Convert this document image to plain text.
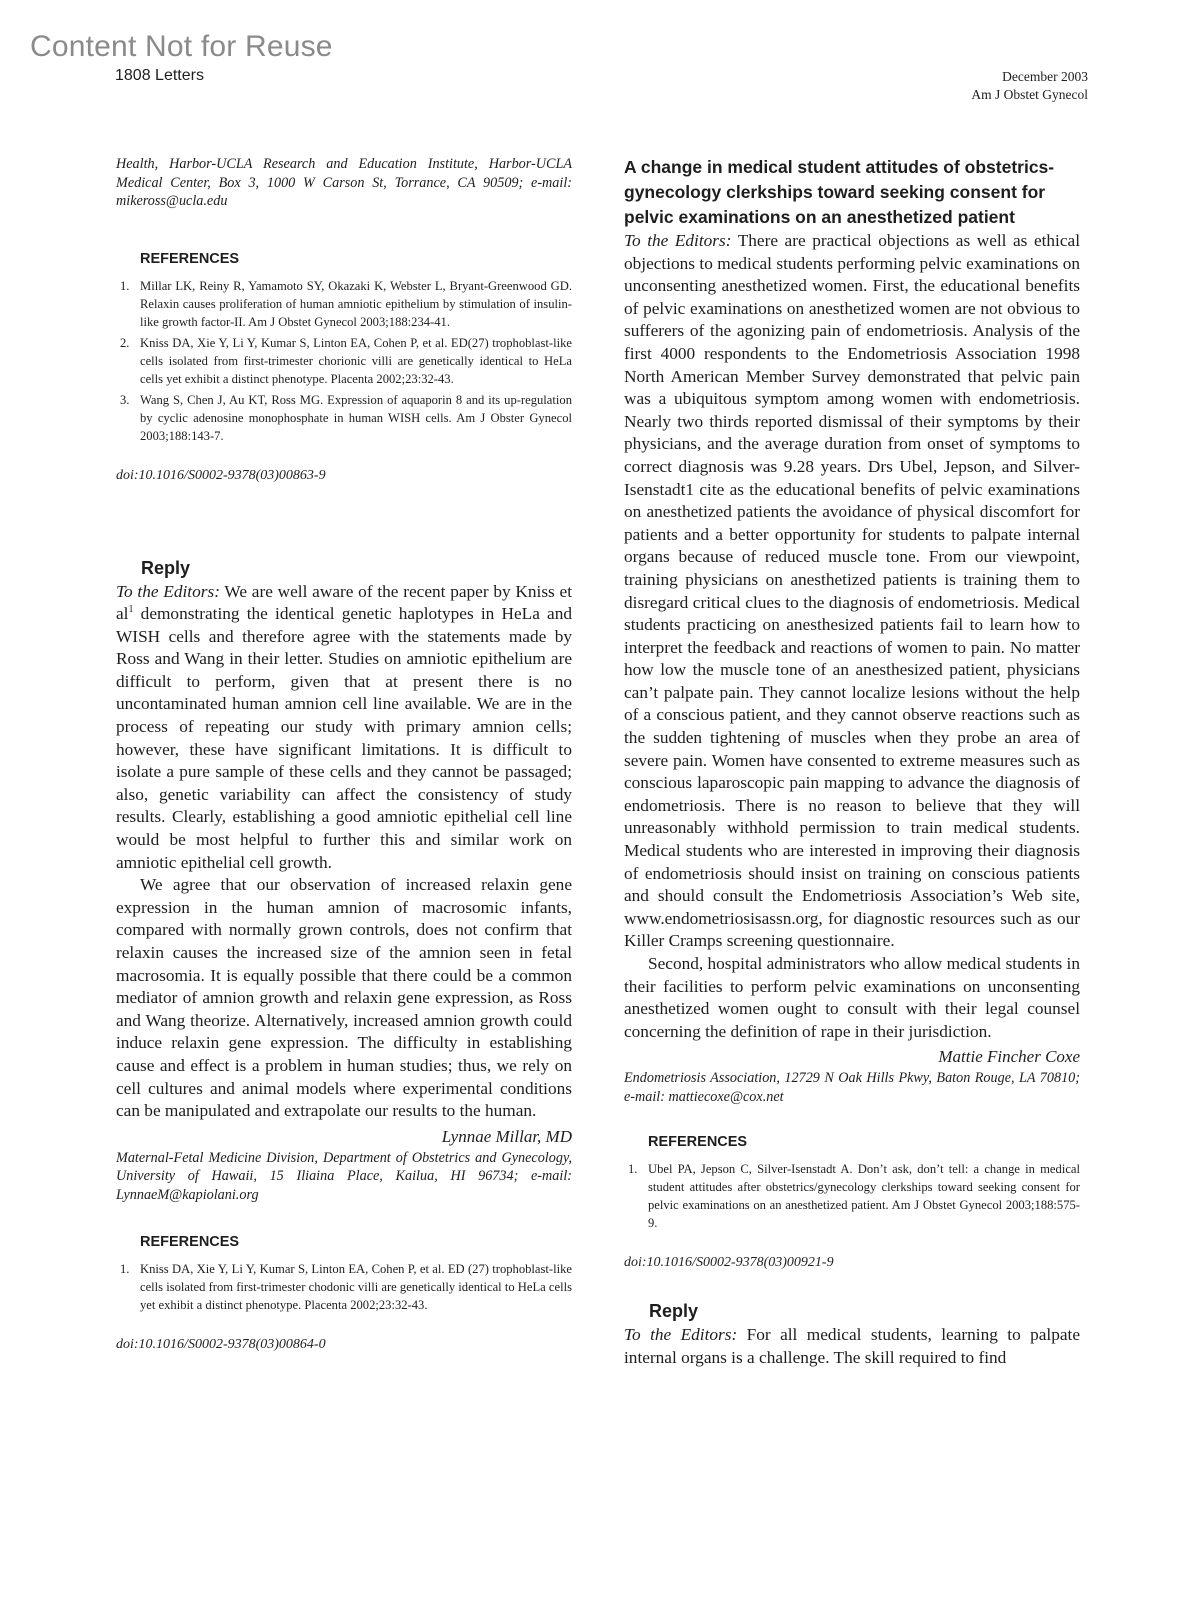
Content Not for Reuse
1808 Letters	December 2003
Am J Obstet Gynecol

Health, Harbor-UCLA Research and Education Institute, Harbor-UCLA Medical Center, Box 3, 1000 W Carson St, Torrance, CA 90509; e-mail: mikeross@ucla.edu

REFERENCES
1. Millar LK, Reiny R, Yamamoto SY, Okazaki K, Webster L, Bryant-Greenwood GD. Relaxin causes proliferation of human amniotic epithelium by stimulation of insulin-like growth factor-II. Am J Obstet Gynecol 2003;188:234-41.
2. Kniss DA, Xie Y, Li Y, Kumar S, Linton EA, Cohen P, et al. ED(27) trophoblast-like cells isolated from first-trimester chorionic villi are genetically identical to HeLa cells yet exhibit a distinct phenotype. Placenta 2002;23:32-43.
3. Wang S, Chen J, Au KT, Ross MG. Expression of aquaporin 8 and its up-regulation by cyclic adenosine monophosphate in human WISH cells. Am J Obster Gynecol 2003;188:143-7.

doi:10.1016/S0002-9378(03)00863-9

Reply

To the Editors: We are well aware of the recent paper by Kniss et $al^1$ demonstrating the identical genetic haplotypes in HeLa and WISH cells and therefore agree with the statements made by Ross and Wang in their letter. Studies on amniotic epithelium are difficult to perform, given that at present there is no uncontaminated human amnion cell line available. We are in the process of repeating our study with primary amnion cells; however, these have significant limitations. It is difficult to isolate a pure sample of these cells and they cannot be passaged; also, genetic variability can affect the consistency of study results. Clearly, establishing a good amniotic epithelial cell line would be most helpful to further this and similar work on amniotic epithelial cell growth.

We agree that our observation of increased relaxin gene expression in the human amnion of macrosomic infants, compared with normally grown controls, does not confirm that relaxin causes the increased size of the amnion seen in fetal macrosomia. It is equally possible that there could be a common mediator of amnion growth and relaxin gene expression, as Ross and Wang theorize. Alternatively, increased amnion growth could induce relaxin gene expression. The difficulty in establishing cause and effect is a problem in human studies; thus, we rely on cell cultures and animal models where experimental conditions can be manipulated and extrapolate our results to the human.

Lynnae Millar, MD

Maternal-Fetal Medicine Division, Department of Obstetrics and Gynecology, University of Hawaii, 15 Iliaina Place, Kailua, HI 96734; e-mail: LynnaeM@kapiolani.org

REFERENCES
1. Kniss DA, Xie Y, Li Y, Kumar S, Linton EA, Cohen P, et al. ED (27) trophoblast-like cells isolated from first-trimester chodonic villi are genetically identical to HeLa cells yet exhibit a distinct phenotype. Placenta 2002;23:32-43.

doi:10.1016/S0002-9378(03)00864-0

A change in medical student attitudes of obstetrics-gynecology clerkships toward seeking consent for pelvic examinations on an anesthetized patient

To the Editors: There are practical objections as well as ethical objections to medical students performing pelvic examinations on unconsenting anesthetized women. First, the educational benefits of pelvic examinations on anesthetized women are not obvious to sufferers of the agonizing pain of endometriosis. Analysis of the first 4000 respondents to the Endometriosis Association 1998 North American Member Survey demonstrated that pelvic pain was a ubiquitous symptom among women with endometriosis. Nearly two thirds reported dismissal of their symptoms by their physicians, and the average duration from onset of symptoms to correct diagnosis was 9.28 years. Drs Ubel, Jepson, and Silver-Isenstadt1 cite as the educational benefits of pelvic examinations on anesthetized patients the avoidance of physical discomfort for patients and a better opportunity for students to palpate internal organs because of reduced muscle tone. From our viewpoint, training physicians on anesthetized patients is training them to disregard critical clues to the diagnosis of endometriosis. Medical students practicing on anesthesized patients fail to learn how to interpret the feedback and reactions of women to pain. No matter how low the muscle tone of an anesthesized patient, physicians can’t palpate pain. They cannot localize lesions without the help of a conscious patient, and they cannot observe reactions such as the sudden tightening of muscles when they probe an area of severe pain. Women have consented to extreme measures such as conscious laparoscopic pain mapping to advance the diagnosis of endometriosis. There is no reason to believe that they will unreasonably withhold permission to train medical students. Medical students who are interested in improving their diagnosis of endometriosis should insist on training on conscious patients and should consult the Endometriosis Association’s Web site, www.endometriosisassn.org, for diagnostic resources such as our Killer Cramps screening questionnaire.

Second, hospital administrators who allow medical students in their facilities to perform pelvic examinations on unconsenting anesthetized women ought to consult with their legal counsel concerning the definition of rape in their jurisdiction.

Mattie Fincher Coxe

Endometriosis Association, 12729 N Oak Hills Pkwy, Baton Rouge, LA 70810; e-mail: mattiecoxe@cox.net

REFERENCES
1. Ubel PA, Jepson C, Silver-Isenstadt A. Don’t ask, don’t tell: a change in medical student attitudes after obstetrics/gynecology clerkships toward seeking consent for pelvic examinations on an anesthetized patient. Am J Obstet Gynecol 2003;188:575-9.

doi:10.1016/S0002-9378(03)00921-9

Reply

To the Editors: For all medical students, learning to palpate internal organs is a challenge. The skill required to find
